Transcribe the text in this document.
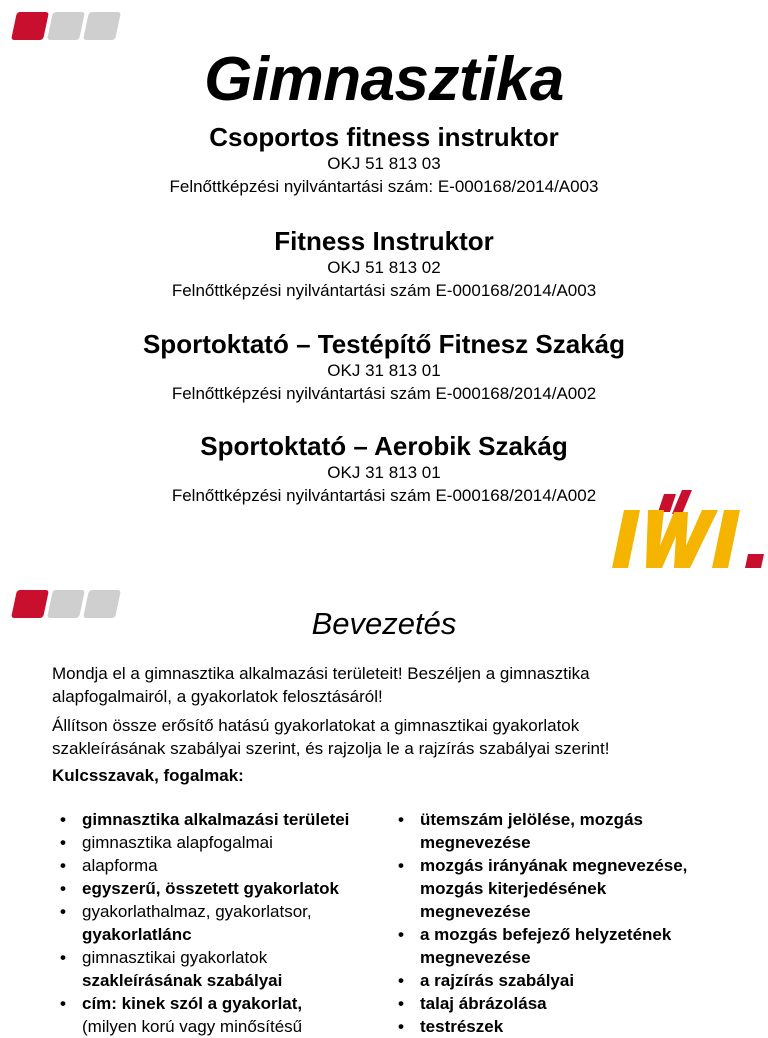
Gimnasztika
Csoportos fitness instruktor
OKJ 51 813 03
Felnőttképzési nyilvántartási szám: E-000168/2014/A003
Fitness Instruktor
OKJ 51 813 02
Felnőttképzési nyilvántartási szám E-000168/2014/A003
Sportoktató – Testépítő Fitnesz Szakág
OKJ 31 813 01
Felnőttképzési nyilvántartási szám E-000168/2014/A002
Sportoktató – Aerobik Szakág
OKJ 31 813 01
Felnőttképzési nyilvántartási szám E-000168/2014/A002
Bevezetés
Mondja el a gimnasztika alkalmazási területeit! Beszéljen a gimnasztika
alapfogalmairól, a gyakorlatok felosztásáról!
Állítson össze erősítő hatású gyakorlatokat a gimnasztikai gyakorlatok
szakleírásának szabályai szerint, és rajzolja le a rajzírás szabályai szerint!
Kulcsszavak, fogalmak:
• gimnasztika alkalmazási területei
• gimnasztika alapfogalmai
• alapforma
• egyszerű, összetett gyakorlatok
• gyakorlathalmaz, gyakorlatsor,
gyakorlatlánc
• gimnasztikai gyakorlatok
szakleírásának szabályai
• cím: kinek szól a gyakorlat,
(milyen korú vagy minősítésű
• ütemszám jelölése, mozgás
megnevezése
• mozgás irányának megnevezése,
mozgás kiterjedésének
megnevezése
• a mozgás befejező helyzetének
megnevezése
• a rajzírás szabályai
• talaj ábrázolása
• testrészek
